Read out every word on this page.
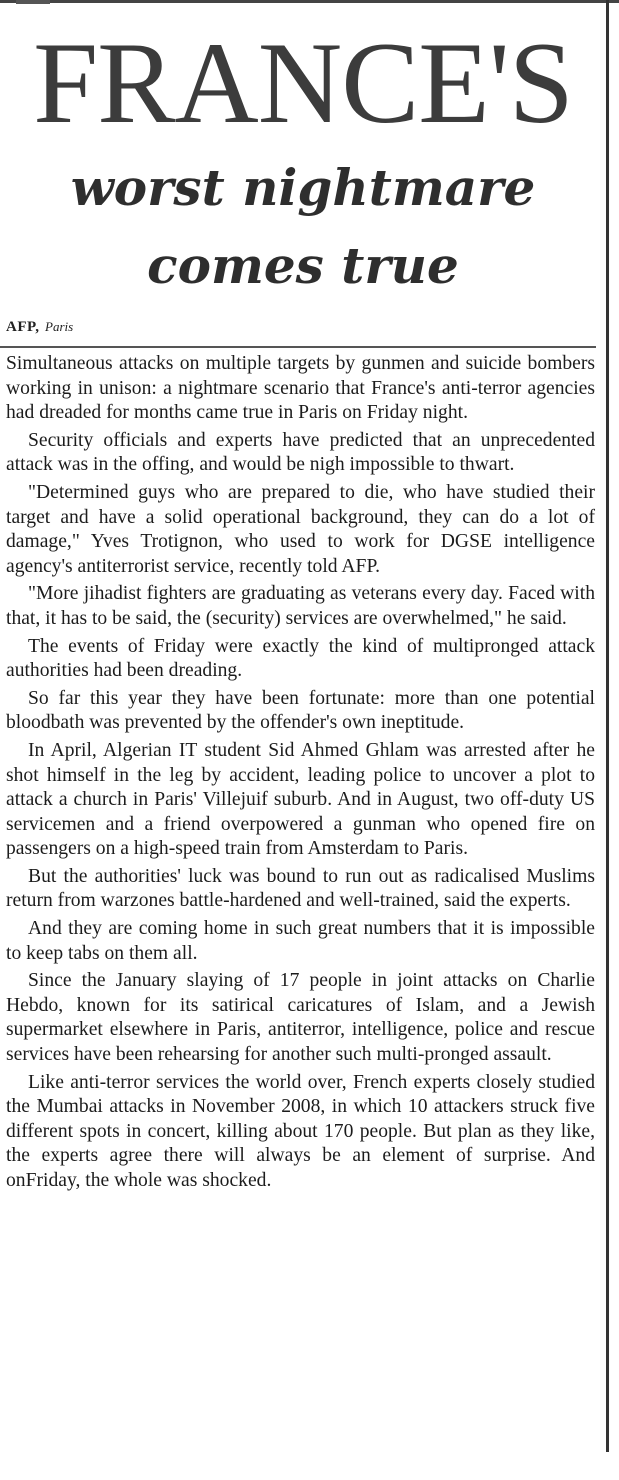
FRANCE'S
worst nightmare
comes true
AFP, Paris

Simultaneous attacks on multiple targets by gunmen and suicide bombers working in unison: a nightmare scenario that France's anti-terror agencies had dreaded for months came true in Paris on Friday night.

Security officials and experts have predicted that an unprecedented attack was in the offing, and would be nigh impossible to thwart.

"Determined guys who are prepared to die, who have studied their target and have a solid operational background, they can do a lot of damage," Yves Trotignon, who used to work for DGSE intelligence agency's antiterrorist service, recently told AFP.

"More jihadist fighters are graduating as veterans every day. Faced with that, it has to be said, the (security) services are overwhelmed," he said.

The events of Friday were exactly the kind of multipronged attack authorities had been dreading.

So far this year they have been fortunate: more than one potential bloodbath was prevented by the offender's own ineptitude.

In April, Algerian IT student Sid Ahmed Ghlam was arrested after he shot himself in the leg by accident, leading police to uncover a plot to attack a church in Paris' Villejuif suburb. And in August, two off-duty US servicemen and a friend overpowered a gunman who opened fire on passengers on a high-speed train from Amsterdam to Paris.

But the authorities' luck was bound to run out as radicalised Muslims return from warzones battle-hardened and well-trained, said the experts.

And they are coming home in such great numbers that it is impossible to keep tabs on them all.

Since the January slaying of 17 people in joint attacks on Charlie Hebdo, known for its satirical caricatures of Islam, and a Jewish supermarket elsewhere in Paris, antiterror, intelligence, police and rescue services have been rehearsing for another such multi-pronged assault.

Like anti-terror services the world over, French experts closely studied the Mumbai attacks in November 2008, in which 10 attackers struck five different spots in concert, killing about 170 people. But plan as they like, the experts agree there will always be an element of surprise. And onFriday, the whole was shocked.
